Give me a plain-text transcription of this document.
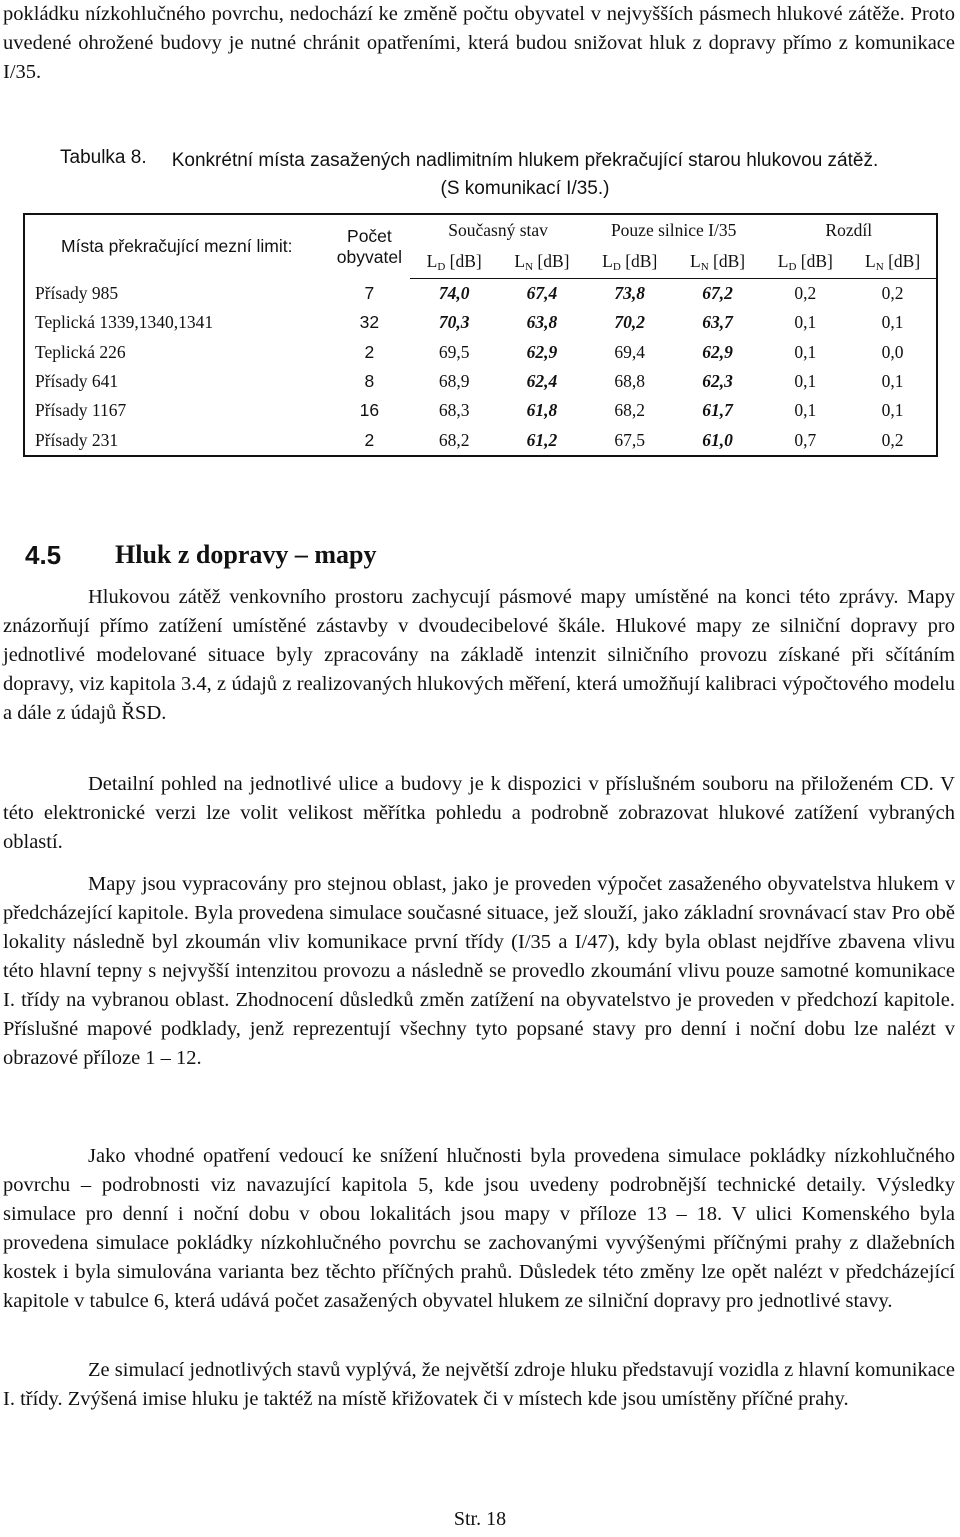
pokládku nízkohlučného povrchu, nedochází ke změně počtu obyvatel v nejvyšších pásmech hlukové zátěže. Proto uvedené ohrožené budovy je nutné chránit opatřeními, která budou snižovat hluk z dopravy přímo z komunikace I/35.
Tabulka 8.	Konkrétní místa zasažených nadlimitním hlukem překračující starou hlukovou zátěž.
(S komunikací I/35.)
Místa překračující mezní limit:	Počet
obyvatel	Současný stav		Pouze silnice I/35		Rozdíl	
		$L_D$ [dB]	$L_N$ [dB]	$L_D$ [dB]	$L_N$ [dB]	$L_D$ [dB]	$L_N$ [dB]
Přísady 985	7	74,0	67,4	73,8	67,2	0,2	0,2
Teplická 1339,1340,1341	32	70,3	63,8	70,2	63,7	0,1	0,1
Teplická 226	2	69,5	62,9	69,4	62,9	0,1	0,0
Přísady 641	8	68,9	62,4	68,8	62,3	0,1	0,1
Přísady 1167	16	68,3	61,8	68,2	61,7	0,1	0,1
Přísady 231	2	68,2	61,2	67,5	61,0	0,7	0,2
4.5 Hluk z dopravy – mapy

Hlukovou zátěž venkovního prostoru zachycují pásmové mapy umístěné na konci této zprávy. Mapy znázorňují přímo zatížení umístěné zástavby v dvoudecibelové škále. Hlukové mapy ze silniční dopravy pro jednotlivé modelované situace byly zpracovány na základě intenzit silničního provozu získané při sčítáním dopravy, viz kapitola 3.4, z údajů z realizovaných hlukových měření, která umožňují kalibraci výpočtového modelu a dále z údajů ŘSD.

Detailní pohled na jednotlivé ulice a budovy je k dispozici v příslušném souboru na přiloženém CD. V této elektronické verzi lze volit velikost měřítka pohledu a podrobně zobrazovat hlukové zatížení vybraných oblastí.

Mapy jsou vypracovány pro stejnou oblast, jako je proveden výpočet zasaženého obyvatelstva hlukem v předcházející kapitole. Byla provedena simulace současné situace, jež slouží, jako základní srovnávací stav Pro obě lokality následně byl zkoumán vliv komunikace první třídy (I/35 a I/47), kdy byla oblast nejdříve zbavena vlivu této hlavní tepny s nejvyšší intenzitou provozu a následně se provedlo zkoumání vlivu pouze samotné komunikace I. třídy na vybranou oblast. Zhodnocení důsledků změn zatížení na obyvatelstvo je proveden v předchozí kapitole. Příslušné mapové podklady, jenž reprezentují všechny tyto popsané stavy pro denní i noční dobu lze nalézt v obrazové příloze 1 – 12.

Jako vhodné opatření vedoucí ke snížení hlučnosti byla provedena simulace pokládky nízkohlučného povrchu – podrobnosti viz navazující kapitola 5, kde jsou uvedeny podrobnější technické detaily. Výsledky simulace pro denní i noční dobu v obou lokalitách jsou mapy v příloze 13 – 18. V ulici Komenského byla provedena simulace pokládky nízkohlučného povrchu se zachovanými vyvýšenými příčnými prahy z dlažebních kostek i byla simulována varianta bez těchto příčných prahů. Důsledek této změny lze opět nalézt v předcházející kapitole v tabulce 6, která udává počet zasažených obyvatel hlukem ze silniční dopravy pro jednotlivé stavy.

Ze simulací jednotlivých stavů vyplývá, že největší zdroje hluku představují vozidla z hlavní komunikace I. třídy. Zvýšená imise hluku je taktéž na místě křižovatek či v místech kde jsou umístěny příčné prahy.

Str. 18
